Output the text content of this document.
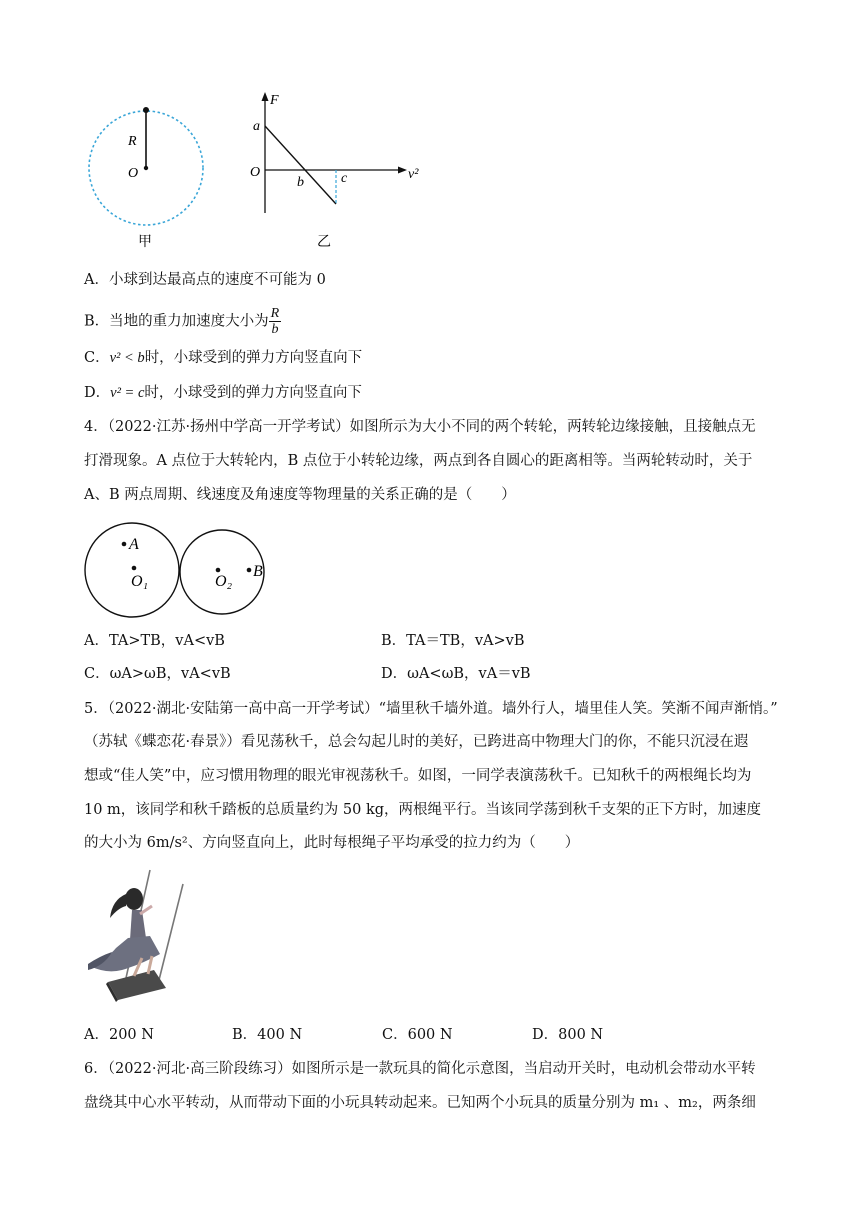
R
O
甲
F
a
O
b	c	v²
乙
A．小球到达最高点的速度不可能为 0
B．当地的重力加速度大小为 $\frac{R}{b}$
C．v² < b时，小球受到的弹力方向竖直向下
D．v² = c时，小球受到的弹力方向竖直向下
4．（2022·江苏·扬州中学高一开学考试）如图所示为大小不同的两个转轮，两转轮边缘接触，且接触点无
打滑现象。A 点位于大转轮内，B 点位于小转轮边缘，两点到各自圆心的距离相等。当两轮转动时，关于
A、B 两点周期、线速度及角速度等物理量的关系正确的是（　　）
A
O₁	O₂
B
A．TA>TB，vA<vB	B．TA＝TB，vA>vB
C．ωA>ωB，vA<vB	D．ωA<ωB，vA＝vB
5．（2022·湖北·安陆第一高中高一开学考试）“墙里秋千墙外道。墙外行人，墙里佳人笑。笑渐不闻声渐悄。”
（苏轼《蝶恋花·春景》）看见荡秋千，总会勾起儿时的美好，已跨进高中物理大门的你，不能只沉浸在遐
想或“佳人笑”中，应习惯用物理的眼光审视荡秋千。如图，一同学表演荡秋千。已知秋千的两根绳长均为
10 m，该同学和秋千踏板的总质量约为 50 kg，两根绳平行。当该同学荡到秋千支架的正下方时，加速度
的大小为 6m/s²、方向竖直向上，此时每根绳子平均承受的拉力约为（　　）
A．200 N	B．400 N	C．600 N	D．800 N
6．（2022·河北·高三阶段练习）如图所示是一款玩具的简化示意图，当启动开关时，电动机会带动水平转
盘绕其中心水平转动，从而带动下面的小玩具转动起来。已知两个小玩具的质量分别为 m₁ 、m₂，两条细
